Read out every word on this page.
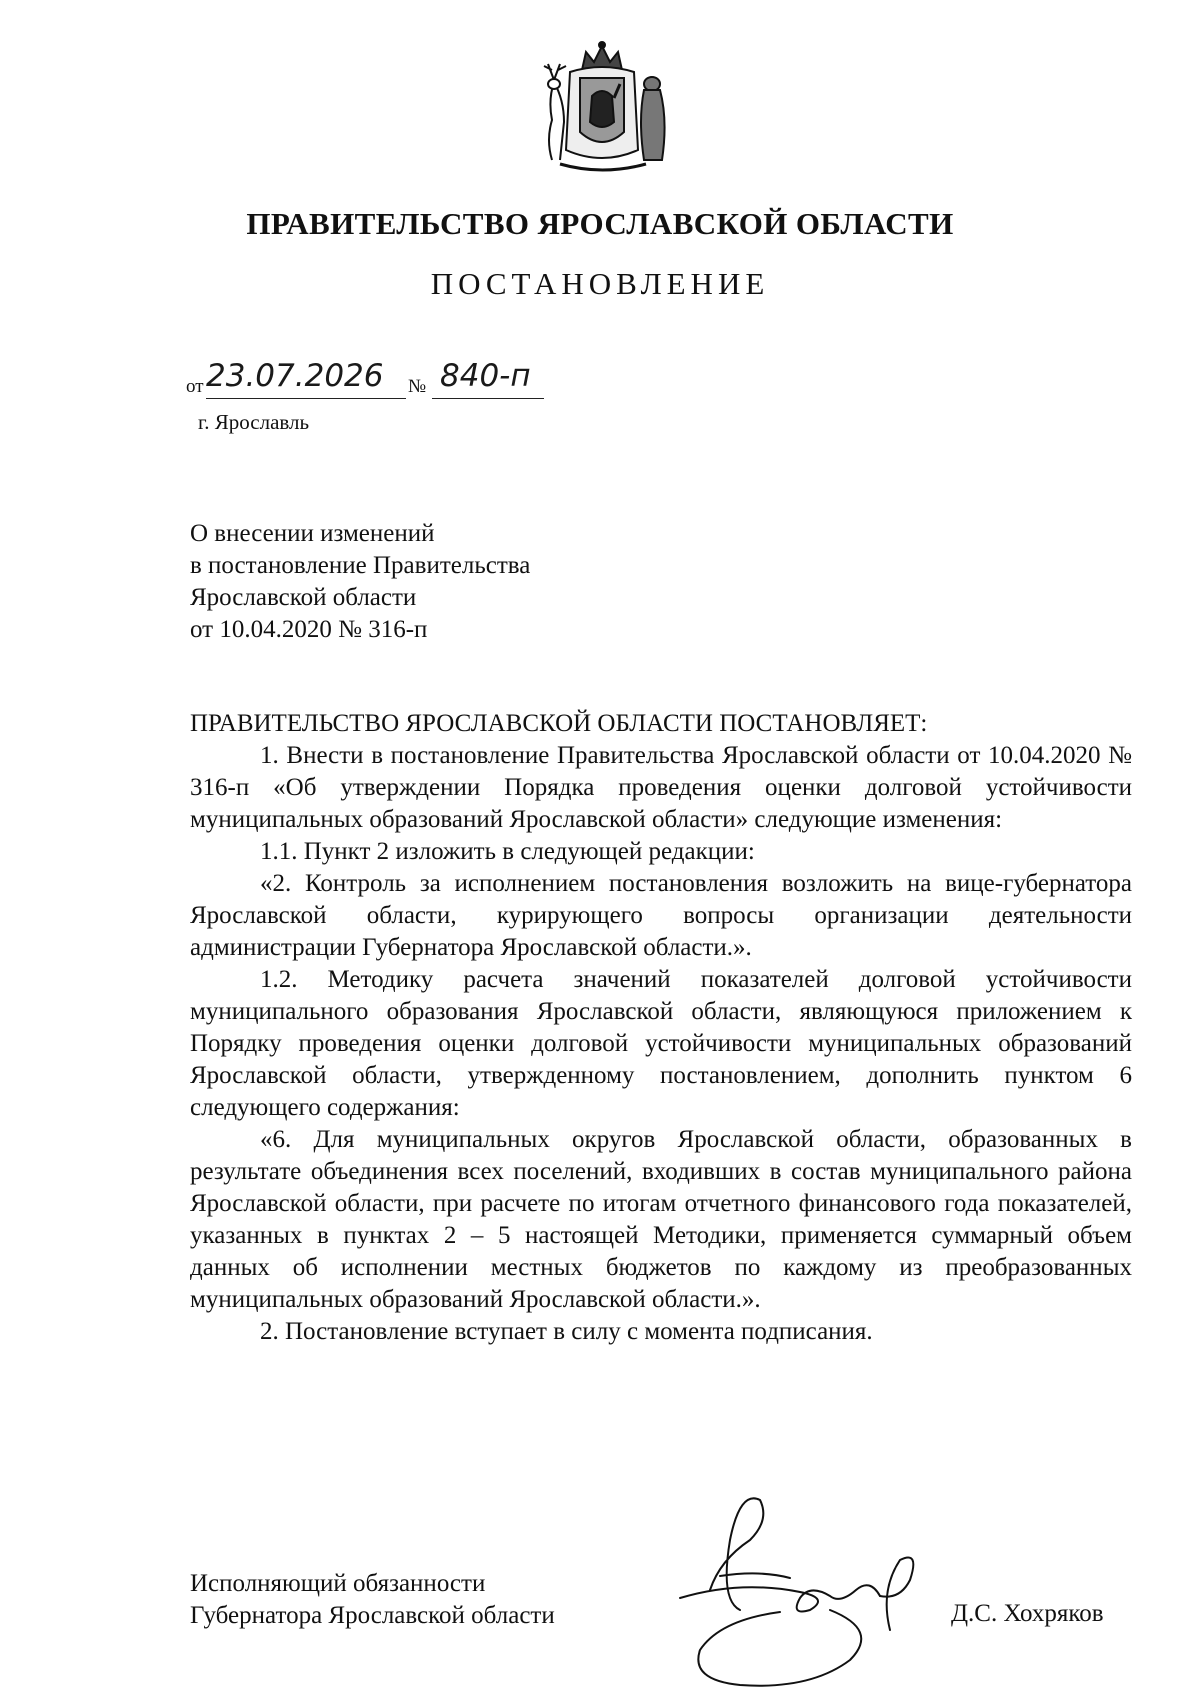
ПРАВИТЕЛЬСТВО ЯРОСЛАВСКОЙ ОБЛАСТИ
ПОСТАНОВЛЕНИЕ
от 23.07.2026 № 840-п
г. Ярославль
О внесении изменений
в постановление Правительства
Ярославской области
от 10.04.2020 № 316-п

ПРАВИТЕЛЬСТВО ЯРОСЛАВСКОЙ ОБЛАСТИ ПОСТАНОВЛЯЕТ:

1. Внести в постановление Правительства Ярославской области от 10.04.2020 № 316-п «Об утверждении Порядка проведения оценки долговой устойчивости муниципальных образований Ярославской области» следующие изменения:

1.1. Пункт 2 изложить в следующей редакции:

«2. Контроль за исполнением постановления возложить на вице-губернатора Ярославской области, курирующего вопросы организации деятельности администрации Губернатора Ярославской области.».

1.2. Методику расчета значений показателей долговой устойчивости муниципального образования Ярославской области, являющуюся приложением к Порядку проведения оценки долговой устойчивости муниципальных образований Ярославской области, утвержденному постановлением, дополнить пунктом 6 следующего содержания:

«6. Для муниципальных округов Ярославской области, образованных в результате объединения всех поселений, входивших в состав муниципального района Ярославской области, при расчете по итогам отчетного финансового года показателей, указанных в пунктах 2 – 5 настоящей Методики, применяется суммарный объем данных об исполнении местных бюджетов по каждому из преобразованных муниципальных образований Ярославской области.».

2. Постановление вступает в силу с момента подписания.

Исполняющий обязанности
Губернатора Ярославской области	Д.С. Хохряков
